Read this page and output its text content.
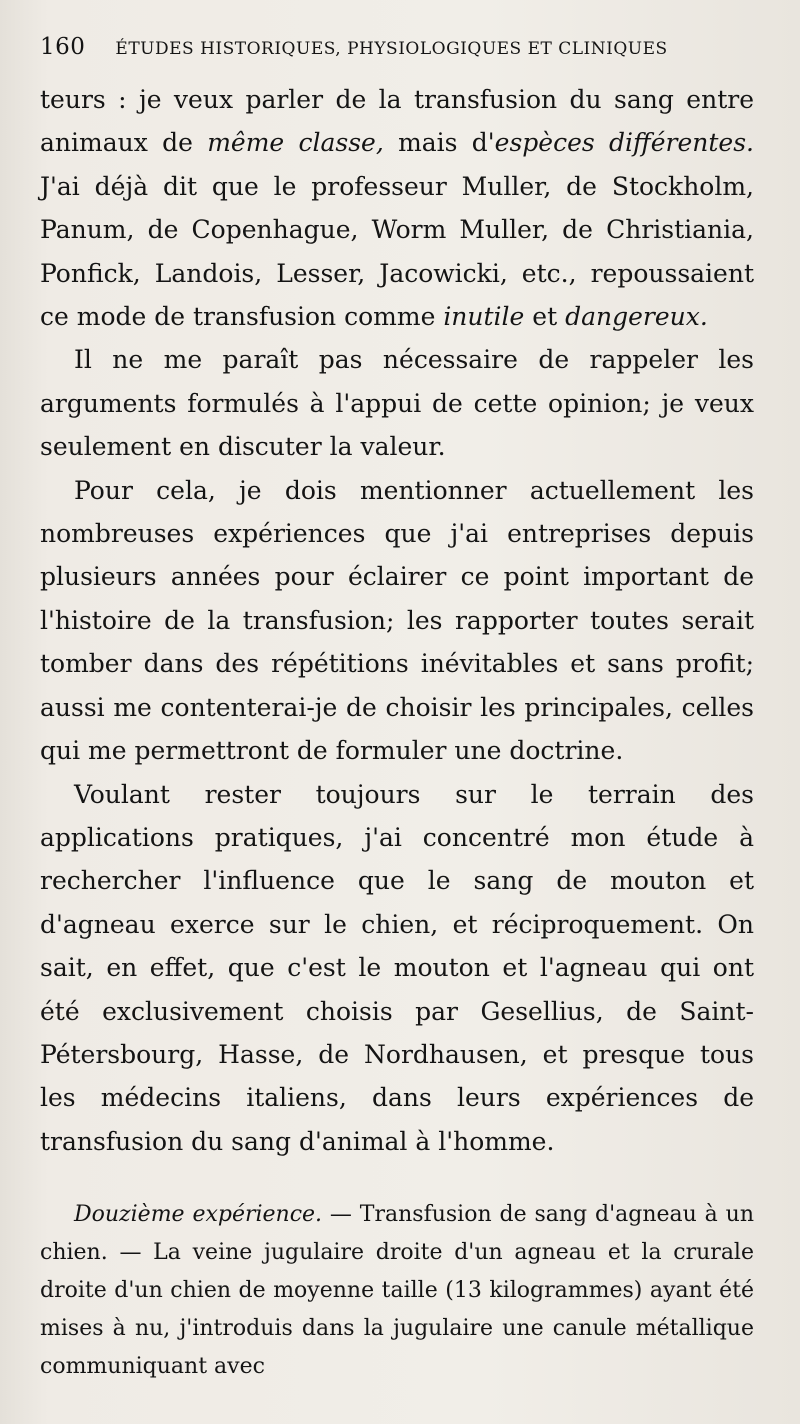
160 ÉTUDES HISTORIQUES, PHYSIOLOGIQUES ET CLINIQUES

teurs : je veux parler de la transfusion du sang entre animaux de même classe, mais d'espèces différentes. J'ai déjà dit que le professeur Muller, de Stockholm, Panum, de Copenhague, Worm Muller, de Christiania, Ponfick, Landois, Lesser, Jacowicki, etc., repoussaient ce mode de transfusion comme inutile et dangereux.

Il ne me paraît pas nécessaire de rappeler les arguments formulés à l'appui de cette opinion; je veux seulement en discuter la valeur.

Pour cela, je dois mentionner actuellement les nombreuses expériences que j'ai entreprises depuis plusieurs années pour éclairer ce point important de l'histoire de la transfusion; les rapporter toutes serait tomber dans des répétitions inévitables et sans profit; aussi me contenterai-je de choisir les principales, celles qui me permettront de formuler une doctrine.

Voulant rester toujours sur le terrain des applications pratiques, j'ai concentré mon étude à rechercher l'influence que le sang de mouton et d'agneau exerce sur le chien, et réciproquement. On sait, en effet, que c'est le mouton et l'agneau qui ont été exclusivement choisis par Gesellius, de Saint-Pétersbourg, Hasse, de Nordhausen, et presque tous les médecins italiens, dans leurs expériences de transfusion du sang d'animal à l'homme.

Douzième expérience. — Transfusion de sang d'agneau à un chien. — La veine jugulaire droite d'un agneau et la crurale droite d'un chien de moyenne taille (13 kilogrammes) ayant été mises à nu, j'introduis dans la jugulaire une canule métallique communiquant avec
